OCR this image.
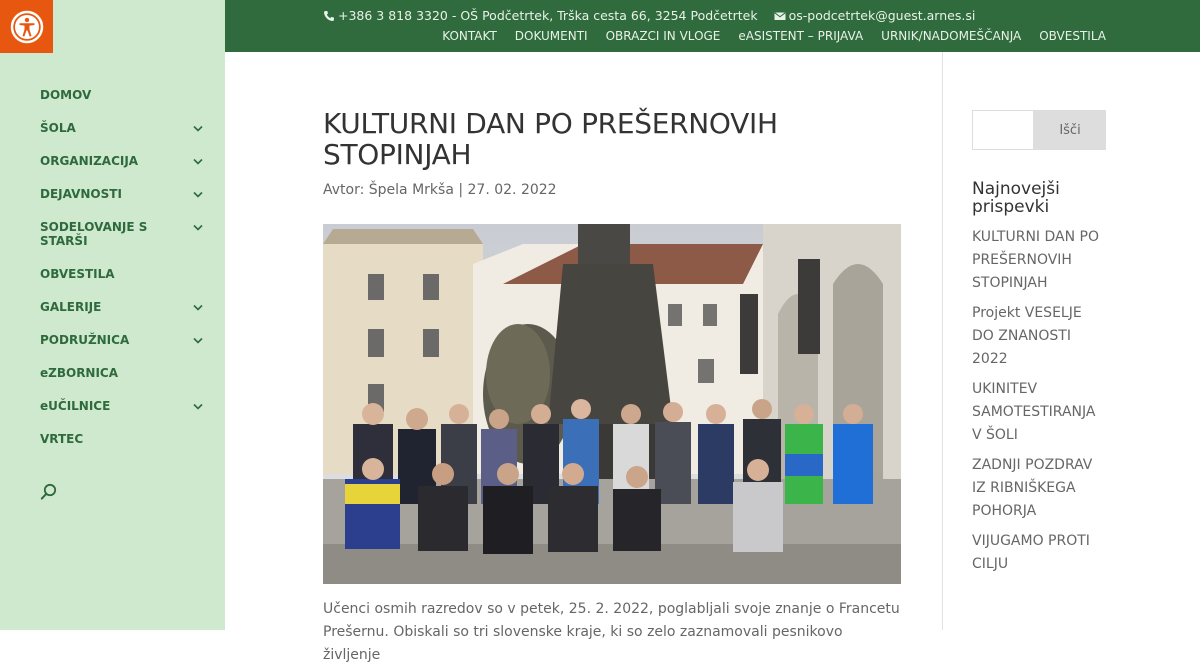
DOMOV
ŠOLA
ORGANIZACIJA
DEJAVNOSTI
SODELOVANJE S STARŠI
OBVESTILA
GALERIJE
PODRUŽNICA
eZBORNICA
eUČILNICE
VRTEC
+386 3 818 3320 - OŠ Podčetrtek, Trška cesta 66, 3254 Podčetrtek os-podcetrtek@guest.arnes.si
KONTAKT DOKUMENTI OBRAZCI IN VLOGE eASISTENT – PRIJAVA URNIK/NADOMEŠČANJA OBVESTILA
KULTURNI DAN PO PREŠERNOVIH STOPINJAH
Avtor: Špela Mrkša | 27. 02. 2022
Učenci osmih razredov so v petek, 25. 2. 2022, poglabljali svoje znanje o Francetu Prešernu. Obiskali so tri slovenske kraje, ki so zelo zaznamovali pesnikovo življenje
Išči
Najnovejši prispevki
KULTURNI DAN PO PREŠERNOVIH STOPINJAH
Projekt VESELJE DO ZNANOSTI 2022
UKINITEV SAMOTESTIRANJA V ŠOLI
ZADNJI POZDRAV IZ RIBNIŠKEGA POHORJA
VIJUGAMO PROTI CILJU
